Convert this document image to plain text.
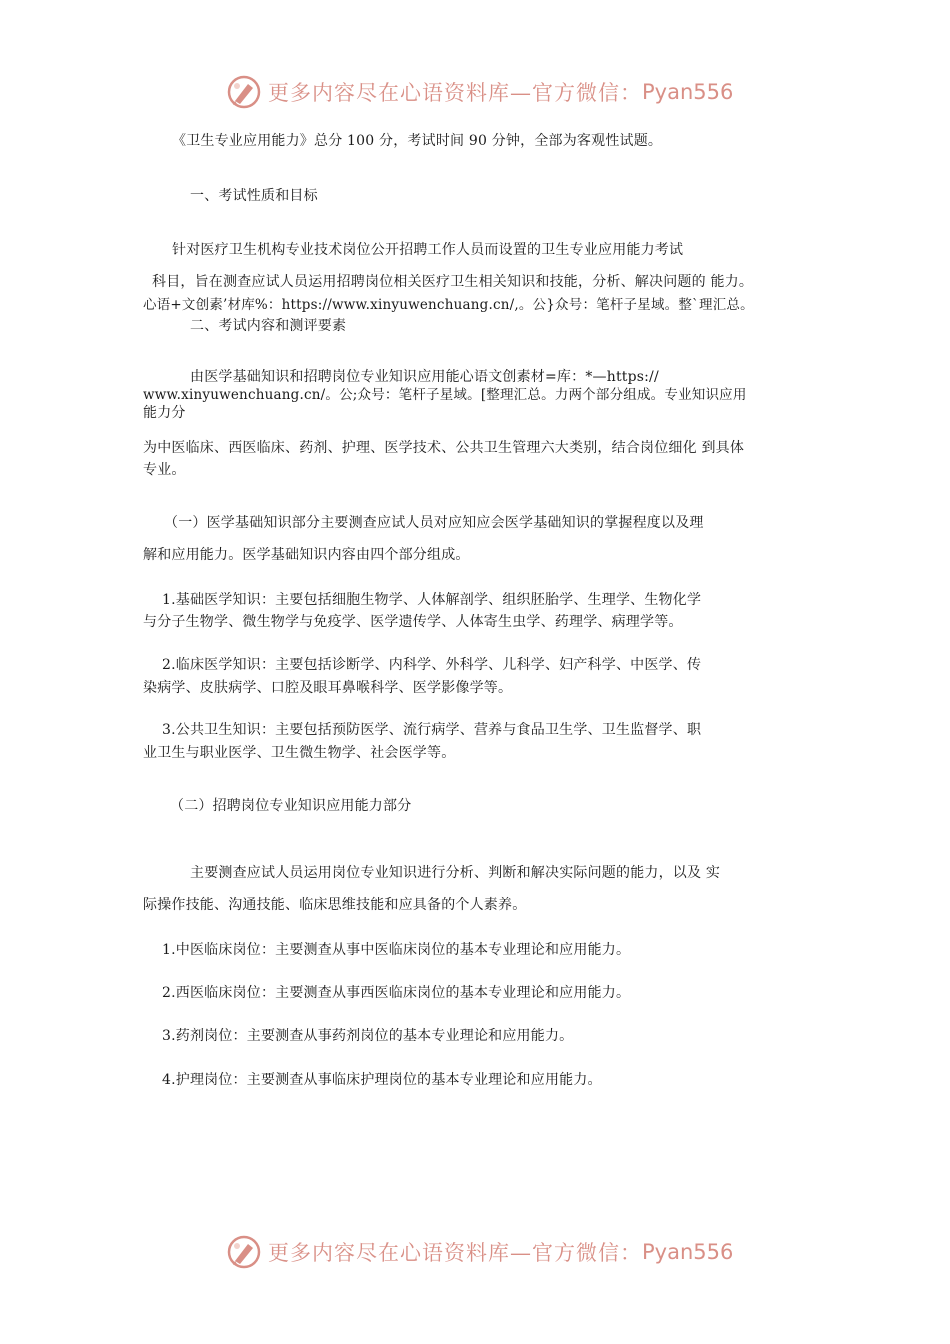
更多内容尽在心语资料库—官方微信： Pyan556
《卫生专业应用能力》总分 100 分，考试时间 90 分钟，全部为客观性试题。
一、考试性质和目标
针对医疗卫生机构专业技术岗位公开招聘工作人员而设置的卫生专业应用能力考试
科目，旨在测查应试人员运用招聘岗位相关医疗卫生相关知识和技能，分析、解决问题的 能力。
心语+文创素’材库%：https://www.xinyuwenchuang.cn/,。公}众号：笔杆子星域。整`理汇总。
二、考试内容和测评要素
由医学基础知识和招聘岗位专业知识应用能心语文创素材=库：*—https://
www.xinyuwenchuang.cn/。公;众号：笔杆子星域。[整理汇总。力两个部分组成。专业知识应用
能力分
为中医临床、西医临床、药剂、护理、医学技术、公共卫生管理六大类别，结合岗位细化 到具体
专业。
（一）医学基础知识部分主要测查应试人员对应知应会医学基础知识的掌握程度以及理
解和应用能力。医学基础知识内容由四个部分组成。
1.基础医学知识：主要包括细胞生物学、人体解剖学、组织胚胎学、生理学、生物化学
与分子生物学、微生物学与免疫学、医学遗传学、人体寄生虫学、药理学、病理学等。
2.临床医学知识：主要包括诊断学、内科学、外科学、儿科学、妇产科学、中医学、传
染病学、皮肤病学、口腔及眼耳鼻喉科学、医学影像学等。
3.公共卫生知识：主要包括预防医学、流行病学、营养与食品卫生学、卫生监督学、职
业卫生与职业医学、卫生微生物学、社会医学等。
（二）招聘岗位专业知识应用能力部分
主要测查应试人员运用岗位专业知识进行分析、判断和解决实际问题的能力，以及 实
际操作技能、沟通技能、临床思维技能和应具备的个人素养。
1.中医临床岗位：主要测查从事中医临床岗位的基本专业理论和应用能力。
2.西医临床岗位：主要测查从事西医临床岗位的基本专业理论和应用能力。
3.药剂岗位：主要测查从事药剂岗位的基本专业理论和应用能力。
4.护理岗位：主要测查从事临床护理岗位的基本专业理论和应用能力。
更多内容尽在心语资料库—官方微信： Pyan556
